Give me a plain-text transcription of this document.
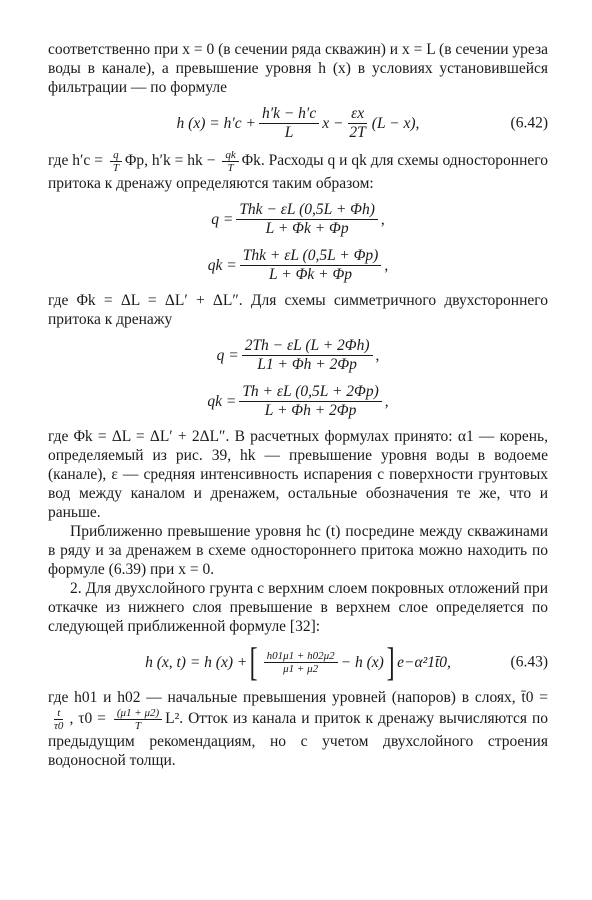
соответственно при x = 0 (в сечении ряда скважин) и x = L (в сечении уреза воды в канале), а превышение уровня h (x) в условиях установившейся фильтрации — по формуле

h $(x) = h'c + \frac{h'k - h'c}{L}$ $x - \frac{\varepsilon x}{2T} (L - x)$,	(6.42)

где $h'c = \frac{q}{T} \Phi p$, h′k = hk − $\frac{qk}{T} \Phi k$. Расходы q и qk для схемы одностороннего притока к дренажу определяются таким образом:

$q = \frac{\text{Thk − εL (0,5L + Φh)}}{L + \Phi k + \Phi p}$ ,
qk = $\frac{\text{Thk + εL (0,5L + Φp)}}{L + \Phi k + \Phi p}$ ,

где Φk = ΔL = ΔL′ + ΔL″. Для схемы симметричного двухстороннего притока к дренажу

$q = \frac{2Th - \varepsilon L (L + 2\Phi h)}{L1 + \Phi h + 2\Phi p}$ ,
qk = $\frac{Th + \varepsilon L (0,5L + 2\Phi p)}{L + \Phi h + 2\Phi p}$ ,

где Φk = ΔL = ΔL′ + 2ΔL″. В расчетных формулах принято: α1 — корень, определяемый из рис. 39, hk — превышение уровня воды в водоеме (канале), ε — средняя интенсивность испарения с поверхности грунтовых вод между каналом и дренажем, остальные обозначения те же, что и раньше.

Приближенно превышение уровня hc (t) посредине между скважинами в ряду и за дренажем в схеме одностороннего притока можно находить по формуле (6.39) при x = 0.

2. Для двухслойного грунта с верхним слоем покровных отложений при откачке из нижнего слоя превышение в верхнем слое определяется по следующей приближенной формуле [32]:

h (x, t) = h (x) + [ $\frac{h01\mu 1 + h02\mu 2}{\mu 1 + \mu 2} - h$ (x) ] e−α²1t̄0,	(6.43)

где h01 и h02 — начальные превышения уровней (напоров) в слоях, t̄0 =
$\frac{t}{\tau 0}$ , $\tau 0 = \frac{(\mu 1 + \mu 2)}{T} L^2$. Отток из канала и приток к дренажу вычисляются по предыдущим рекомендациям, но с учетом двухслойного строения водоносной толщи.
